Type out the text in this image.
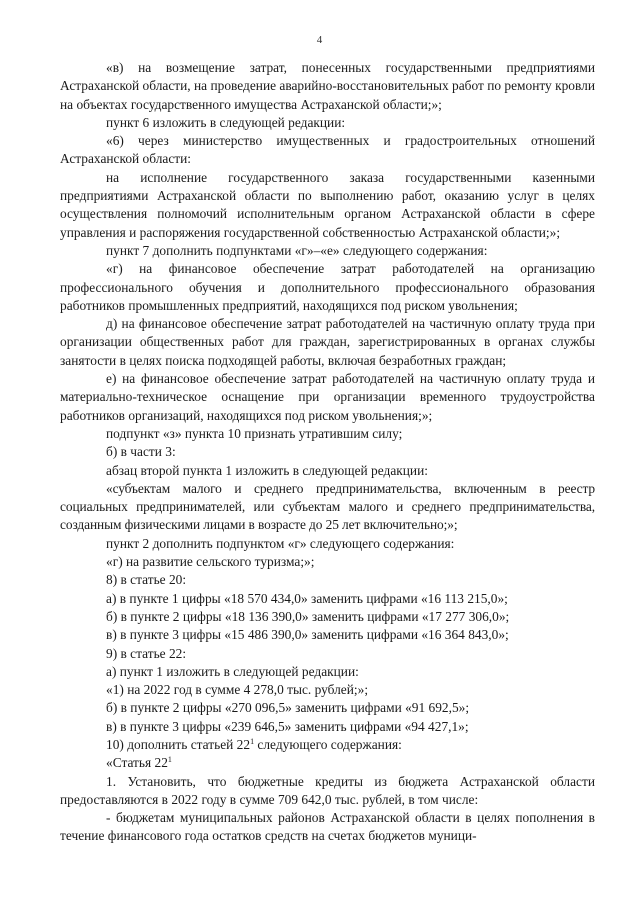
4

«в) на возмещение затрат, понесенных государственными предприятиями Астраханской области, на проведение аварийно-восстановительных работ по ремонту кровли на объектах государственного имущества Астраханской области;»;

пункт 6 изложить в следующей редакции:

«6) через министерство имущественных и градостроительных отношений Астраханской области:

на исполнение государственного заказа государственными казенными предприятиями Астраханской области по выполнению работ, оказанию услуг в целях осуществления полномочий исполнительным органом Астраханской области в сфере управления и распоряжения государственной собственностью Астраханской области;»;

пункт 7 дополнить подпунктами «г»–«е» следующего содержания:

«г) на финансовое обеспечение затрат работодателей на организацию профессионального обучения и дополнительного профессионального образования работников промышленных предприятий, находящихся под риском увольнения;

д) на финансовое обеспечение затрат работодателей на частичную оплату труда при организации общественных работ для граждан, зарегистрированных в органах службы занятости в целях поиска подходящей работы, включая безработных граждан;

е) на финансовое обеспечение затрат работодателей на частичную оплату труда и материально-техническое оснащение при организации временного трудоустройства работников организаций, находящихся под риском увольнения;»;

подпункт «з» пункта 10 признать утратившим силу;

б) в части 3:

абзац второй пункта 1 изложить в следующей редакции:

«субъектам малого и среднего предпринимательства, включенным в реестр социальных предпринимателей, или субъектам малого и среднего предпринимательства, созданным физическими лицами в возрасте до 25 лет включительно;»;

пункт 2 дополнить подпунктом «г» следующего содержания:

«г) на развитие сельского туризма;»;

8) в статье 20:

а) в пункте 1 цифры «18 570 434,0» заменить цифрами «16 113 215,0»;

б) в пункте 2 цифры «18 136 390,0» заменить цифрами «17 277 306,0»;

в) в пункте 3 цифры «15 486 390,0» заменить цифрами «16 364 843,0»;

9) в статье 22:

а) пункт 1 изложить в следующей редакции:

«1) на 2022 год в сумме 4 278,0 тыс. рублей;»;

б) в пункте 2 цифры «270 096,5» заменить цифрами «91 692,5»;

в) в пункте 3 цифры «239 646,5» заменить цифрами «94 427,1»;

10) дополнить статьей $22^1$ следующего содержания:

«Статья $22^1$

1. Установить, что бюджетные кредиты из бюджета Астраханской области предоставляются в 2022 году в сумме 709 642,0 тыс. рублей, в том числе:

- бюджетам муниципальных районов Астраханской области в целях пополнения в течение финансового года остатков средств на счетах бюджетов муници-
